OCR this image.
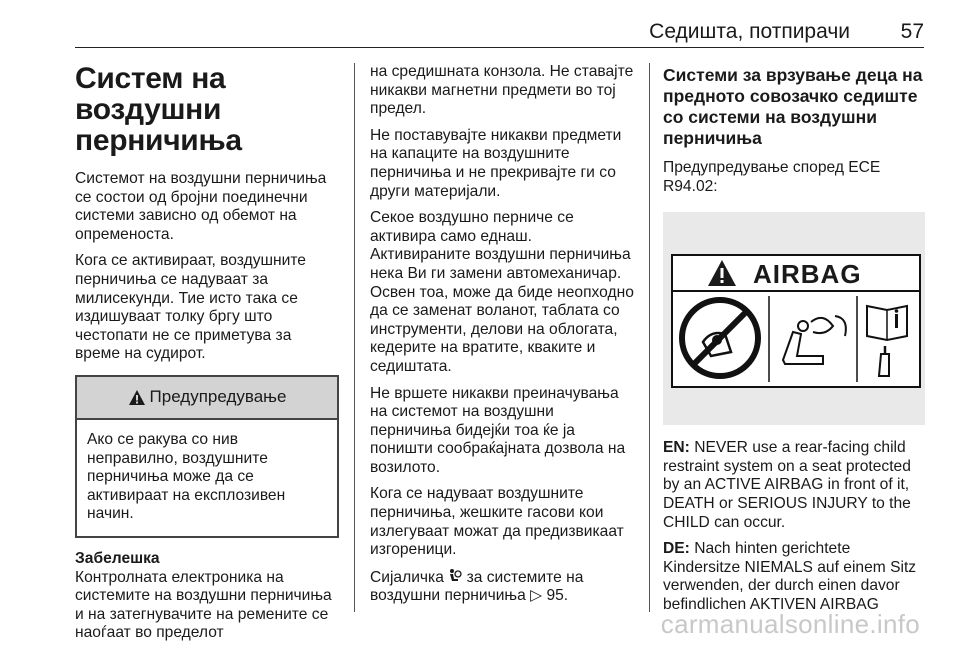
Седишта, потпирачи 57
Систем на воздушни перничиња
Системот на воздушни перничиња се состои од бројни поединечни системи зависно од обемот на опременоста.
Кога се активираат, воздушните перничиња се надуваат за милисекунди. Тие исто така се издишуваат толку бргу што честопати не се приметува за време на судирот.
Предупредување
Ако се ракува со нив неправилно, воздушните перничиња може да се активираат на експлозивен начин.
Забелешка
Контролната електроника на системите на воздушни перничиња и на затегнувачите на ремените се наоѓаат во пределот
на средишната конзола. Не ставајте никакви магнетни предмети во тој предел.
Не поставувајте никакви предмети на капаците на воздушните перничиња и не прекривајте ги со други материјали.
Секое воздушно перниче се активира само еднаш. Активираните воздушни перничиња нека Ви ги замени автомеханичар. Освен тоа, може да биде неопходно да се заменат воланот, таблата со инструменти, делови на облогата, кедерите на вратите, кваките и седиштата.
Не вршете никакви преиначувања на системот на воздушни перничиња бидејќи тоа ќе ја поништи сообраќајната дозвола на возилото.
Кога се надуваат воздушните перничиња, жешките гасови кои излегуваат можат да предизвикаат изгореници.
Сијаличка за системите на воздушни перничиња ▷ 95.
Системи за врзување деца на предното совозачко седиште со системи на воздушни перничиња
Предупредување според ECE R94.02:
AIRBAG
EN: NEVER use a rear-facing child restraint system on a seat protected by an ACTIVE AIRBAG in front of it, DEATH or SERIOUS INJURY to the CHILD can occur.
DE: Nach hinten gerichtete Kindersitze NIEMALS auf einem Sitz verwenden, der durch einen davor befindlichen AKTIVEN AIRBAG
carmanualsonline.info
